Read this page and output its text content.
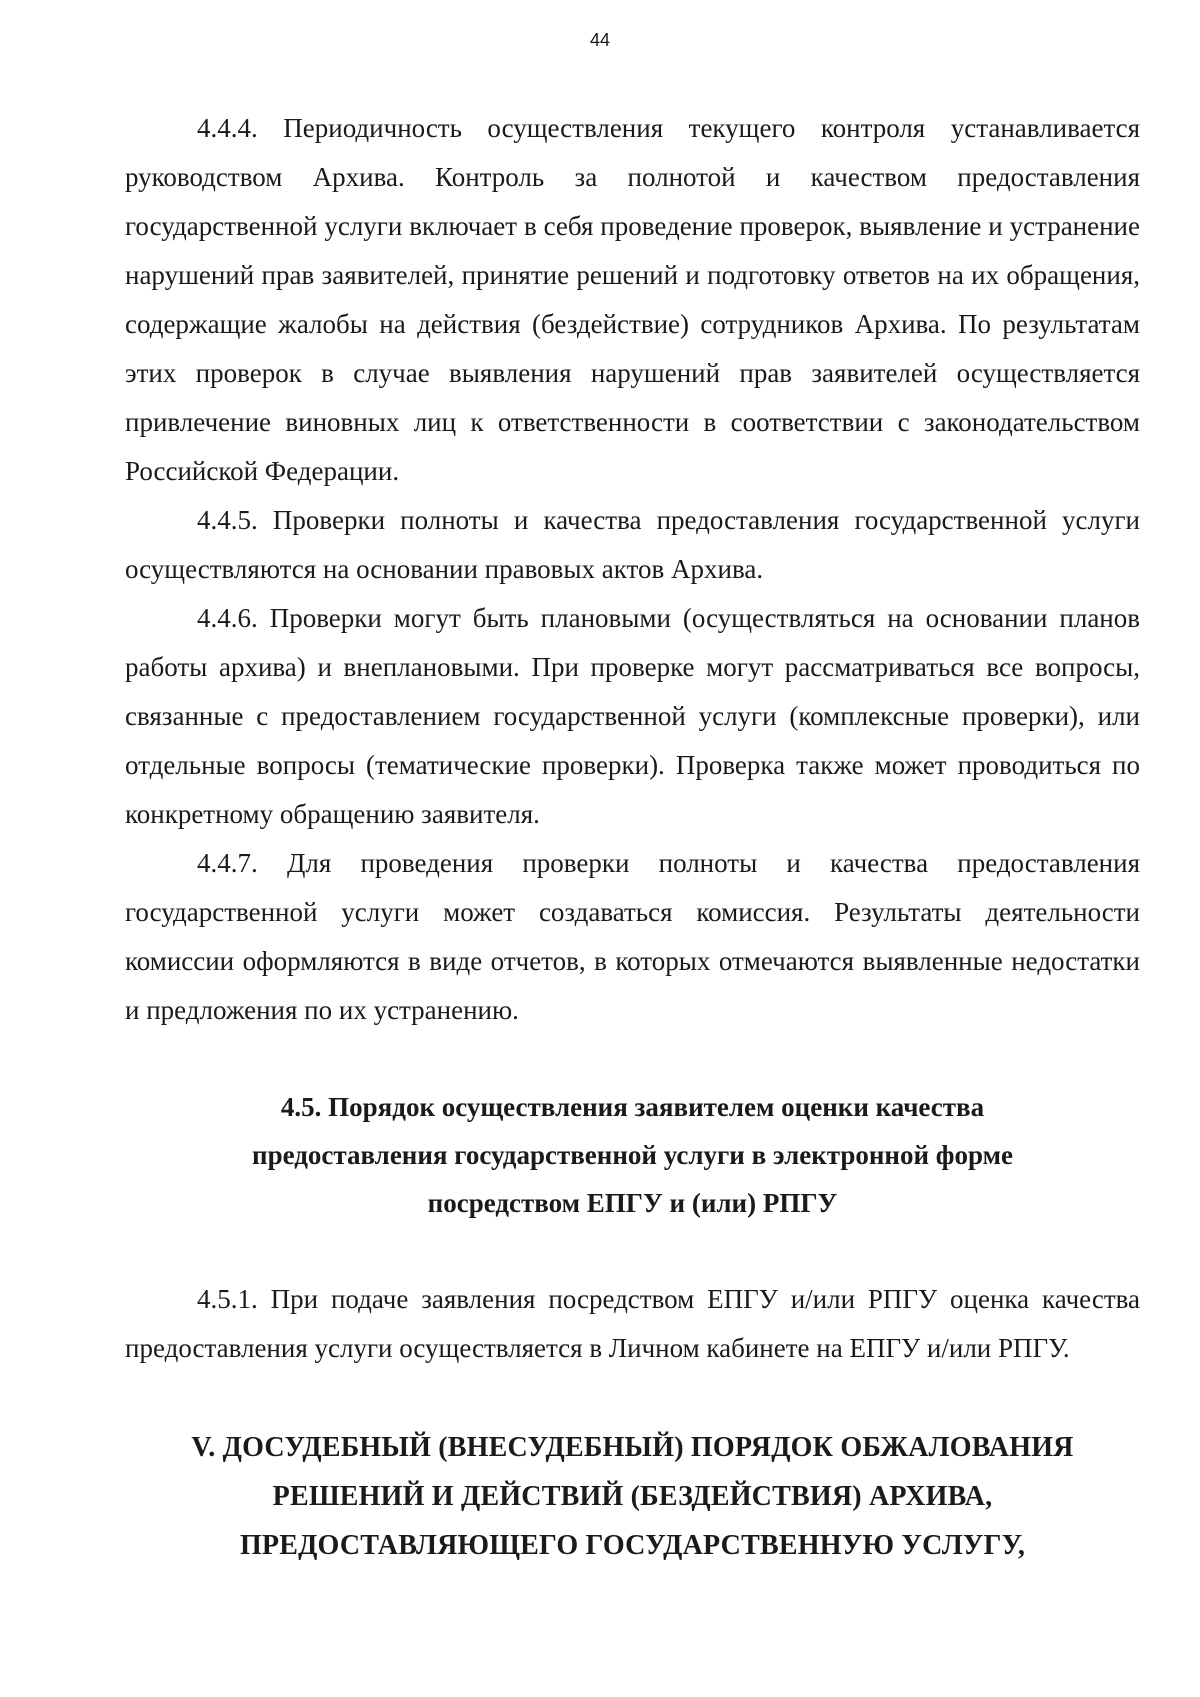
44

4.4.4. Периодичность осуществления текущего контроля устанавливается руководством Архива. Контроль за полнотой и качеством предоставления государственной услуги включает в себя проведение проверок, выявление и устранение нарушений прав заявителей, принятие решений и подготовку ответов на их обращения, содержащие жалобы на действия (бездействие) сотрудников Архива. По результатам этих проверок в случае выявления нарушений прав заявителей осуществляется привлечение виновных лиц к ответственности в соответствии с законодательством Российской Федерации.

4.4.5. Проверки полноты и качества предоставления государственной услуги осуществляются на основании правовых актов Архива.

4.4.6. Проверки могут быть плановыми (осуществляться на основании планов работы архива) и внеплановыми. При проверке могут рассматриваться все вопросы, связанные с предоставлением государственной услуги (комплексные проверки), или отдельные вопросы (тематические проверки). Проверка также может проводиться по конкретному обращению заявителя.

4.4.7. Для проведения проверки полноты и качества предоставления государственной услуги может создаваться комиссия. Результаты деятельности комиссии оформляются в виде отчетов, в которых отмечаются выявленные недостатки и предложения по их устранению.

4.5. Порядок осуществления заявителем оценки качества
предоставления государственной услуги в электронной форме
посредством ЕПГУ и (или) РПГУ

4.5.1. При подаче заявления посредством ЕПГУ и/или РПГУ оценка качества предоставления услуги осуществляется в Личном кабинете на ЕПГУ и/или РПГУ.

V. ДОСУДЕБНЫЙ (ВНЕСУДЕБНЫЙ) ПОРЯДОК ОБЖАЛОВАНИЯ
РЕШЕНИЙ И ДЕЙСТВИЙ (БЕЗДЕЙСТВИЯ) АРХИВА,
ПРЕДОСТАВЛЯЮЩЕГО ГОСУДАРСТВЕННУЮ УСЛУГУ,
